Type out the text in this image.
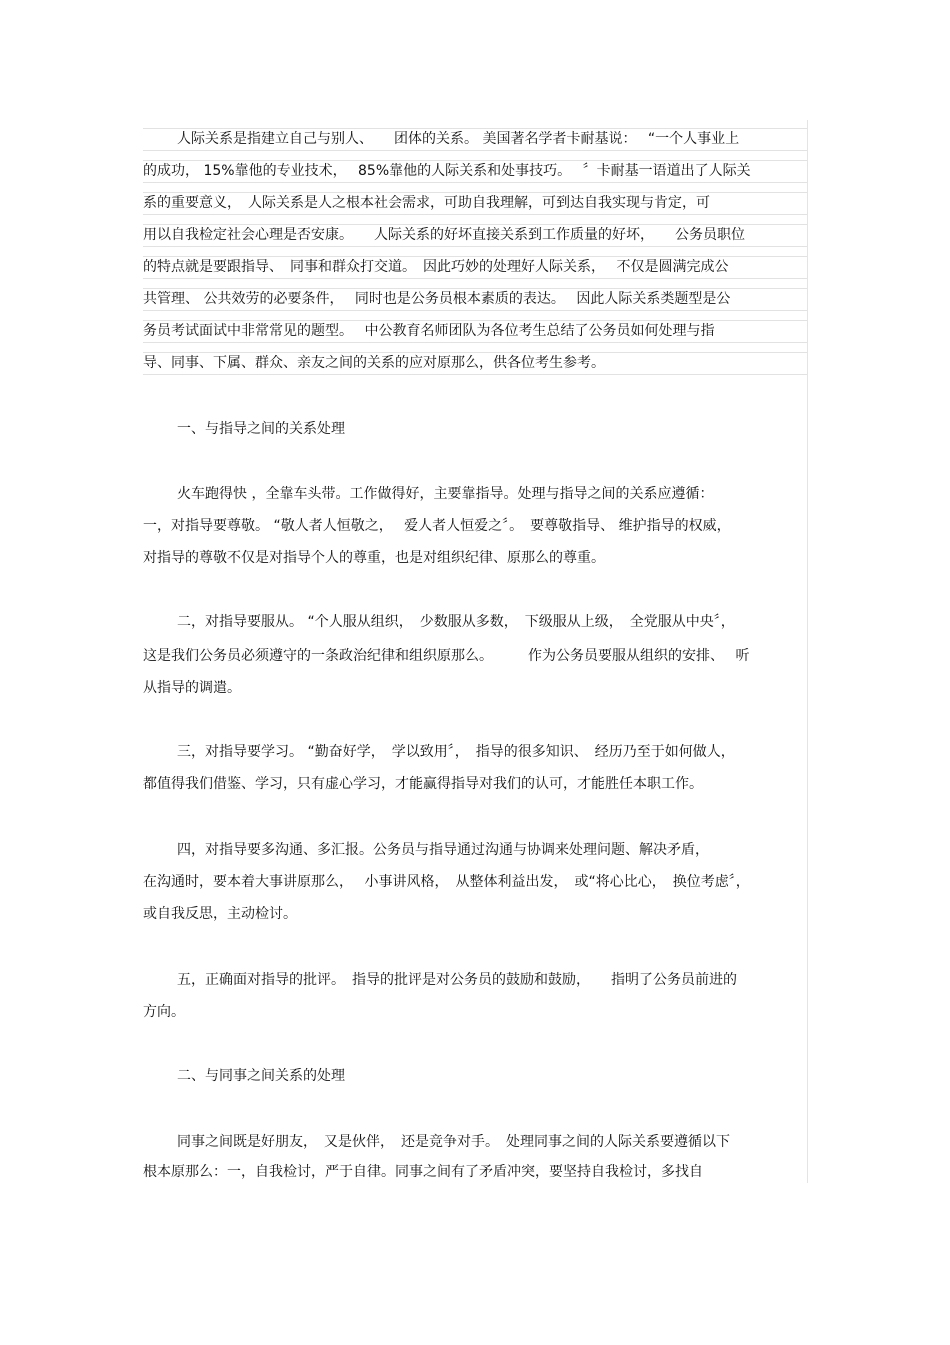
人际关系是指建立自己与别人、　　团体的关系。 美国著名学者卡耐基说：　 “一个人事业上
的成功， 15%靠他的专业技术，　 85%靠他的人际关系和处事技巧。　 〞卡耐基一语道出了人际关
系的重要意义，　人际关系是人之根本社会需求，可助自我理解，可到达自我实现与肯定，可
用以自我检定社会心理是否安康。　　人际关系的好坏直接关系到工作质量的好坏，　　公务员职位
的特点就是要跟指导、　同事和群众打交道。　因此巧妙的处理好人际关系，　 不仅是圆满完成公
共管理、 公共效劳的必要条件，　 同时也是公务员根本素质的表达。　 因此人际关系类题型是公
务员考试面试中非常常见的题型。　 中公教育名师团队为各位考生总结了公务员如何处理与指
导、同事、下属、群众、亲友之间的关系的应对原那么，供各位考生参考。
一、与指导之间的关系处理
火车跑得快 ，全靠车头带。工作做得好，主要靠指导。处理与指导之间的关系应遵循：
一，对指导要尊敬。 “敬人者人恒敬之，　 爱人者人恒爱之〞。　要尊敬指导、 维护指导的权威，
对指导的尊敬不仅是对指导个人的尊重，也是对组织纪律、原那么的尊重。
二，对指导要服从。 “个人服从组织，　少数服从多数，　下级服从上级，　全党服从中央〞，
这是我们公务员必须遵守的一条政治纪律和组织原那么。　　　作为公务员要服从组织的安排、　 听
从指导的调遣。
三，对指导要学习。 “勤奋好学，　学以致用〞，　指导的很多知识、　经历乃至于如何做人，
都值得我们借鉴、学习，只有虚心学习，才能赢得指导对我们的认可，才能胜任本职工作。
四，对指导要多沟通、多汇报。公务员与指导通过沟通与协调来处理问题、解决矛盾，
在沟通时，要本着大事讲原那么，　 小事讲风格，　从整体利益出发，　或“将心比心，　换位考虑〞，
或自我反思，主动检讨。
五，正确面对指导的批评。　指导的批评是对公务员的鼓励和鼓励，　　指明了公务员前进的
方向。
二、与同事之间关系的处理
同事之间既是好朋友，　又是伙伴，　还是竞争对手。　处理同事之间的人际关系要遵循以下
根本原那么：一，自我检讨，严于自律。同事之间有了矛盾冲突，要坚持自我检讨，多找自
